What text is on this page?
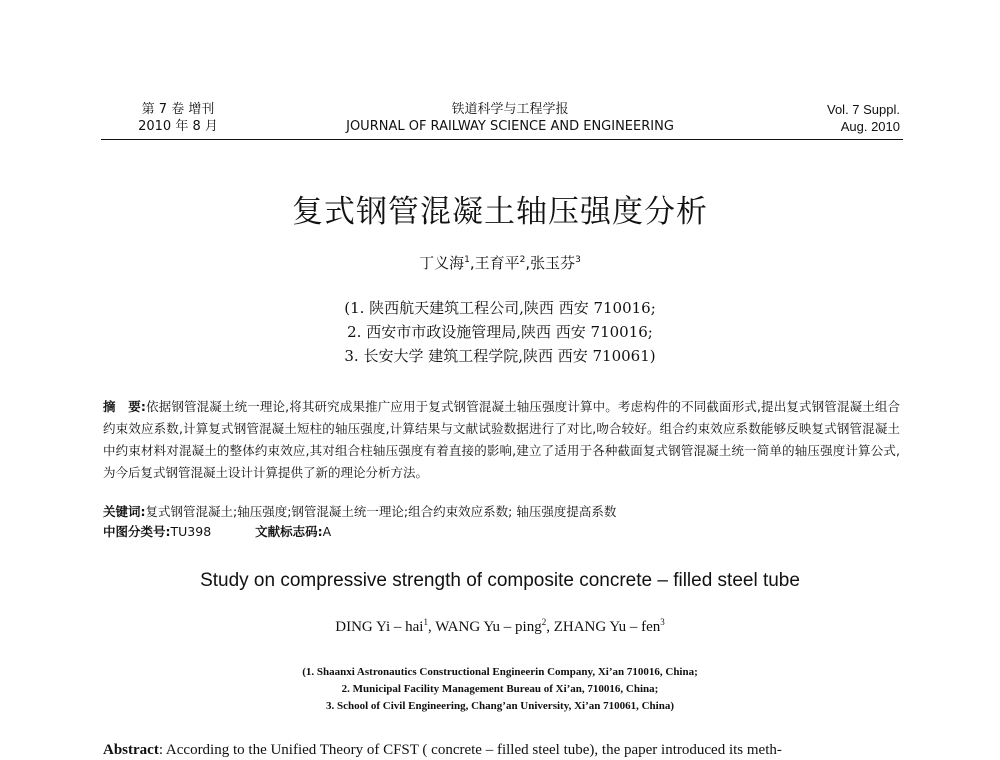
第 7 卷 增刊
2010 年 8 月
铁道科学与工程学报
JOURNAL OF RAILWAY SCIENCE AND ENGINEERING
Vol. 7 Suppl.
Aug. 2010
复式钢管混凝土轴压强度分析
丁义海$^1$,王育平$^2$,张玉芬$^3$
(1. 陕西航天建筑工程公司,陕西 西安 710016;
2. 西安市市政设施管理局,陕西 西安 710016;
3. 长安大学 建筑工程学院,陕西 西安 710061)
摘　要:依据钢管混凝土统一理论,将其研究成果推广应用于复式钢管混凝土轴压强度计算中。考虑构件的不同截面形式,提出复式钢管混凝土组合约束效应系数,计算复式钢管混凝土短柱的轴压强度,计算结果与文献试验数据进行了对比,吻合较好。组合约束效应系数能够反映复式钢管混凝土中约束材料对混凝土的整体约束效应,其对组合柱轴压强度有着直接的影响,建立了适用于各种截面复式钢管混凝土统一简单的轴压强度计算公式,为今后复式钢管混凝土设计计算提供了新的理论分析方法。
关键词:复式钢管混凝土;轴压强度;钢管混凝土统一理论;组合约束效应系数; 轴压强度提高系数
中图分类号:TU398	文献标志码:A
Study on compressive strength of composite concrete – filled steel tube
DING Yi – hai$^1$, WANG Yu – ping$^2$, ZHANG Yu – fen$^3$
(1. Shaanxi Astronautics Constructional Engineerin Company, Xi’an 710016, China;
2. Municipal Facility Management Bureau of Xi’an, 710016, China;
3. School of Civil Engineering, Chang’an University, Xi’an 710061, China)
Abstract: According to the Unified Theory of CFST ( concrete – filled steel tube), the paper introduced its meth-
